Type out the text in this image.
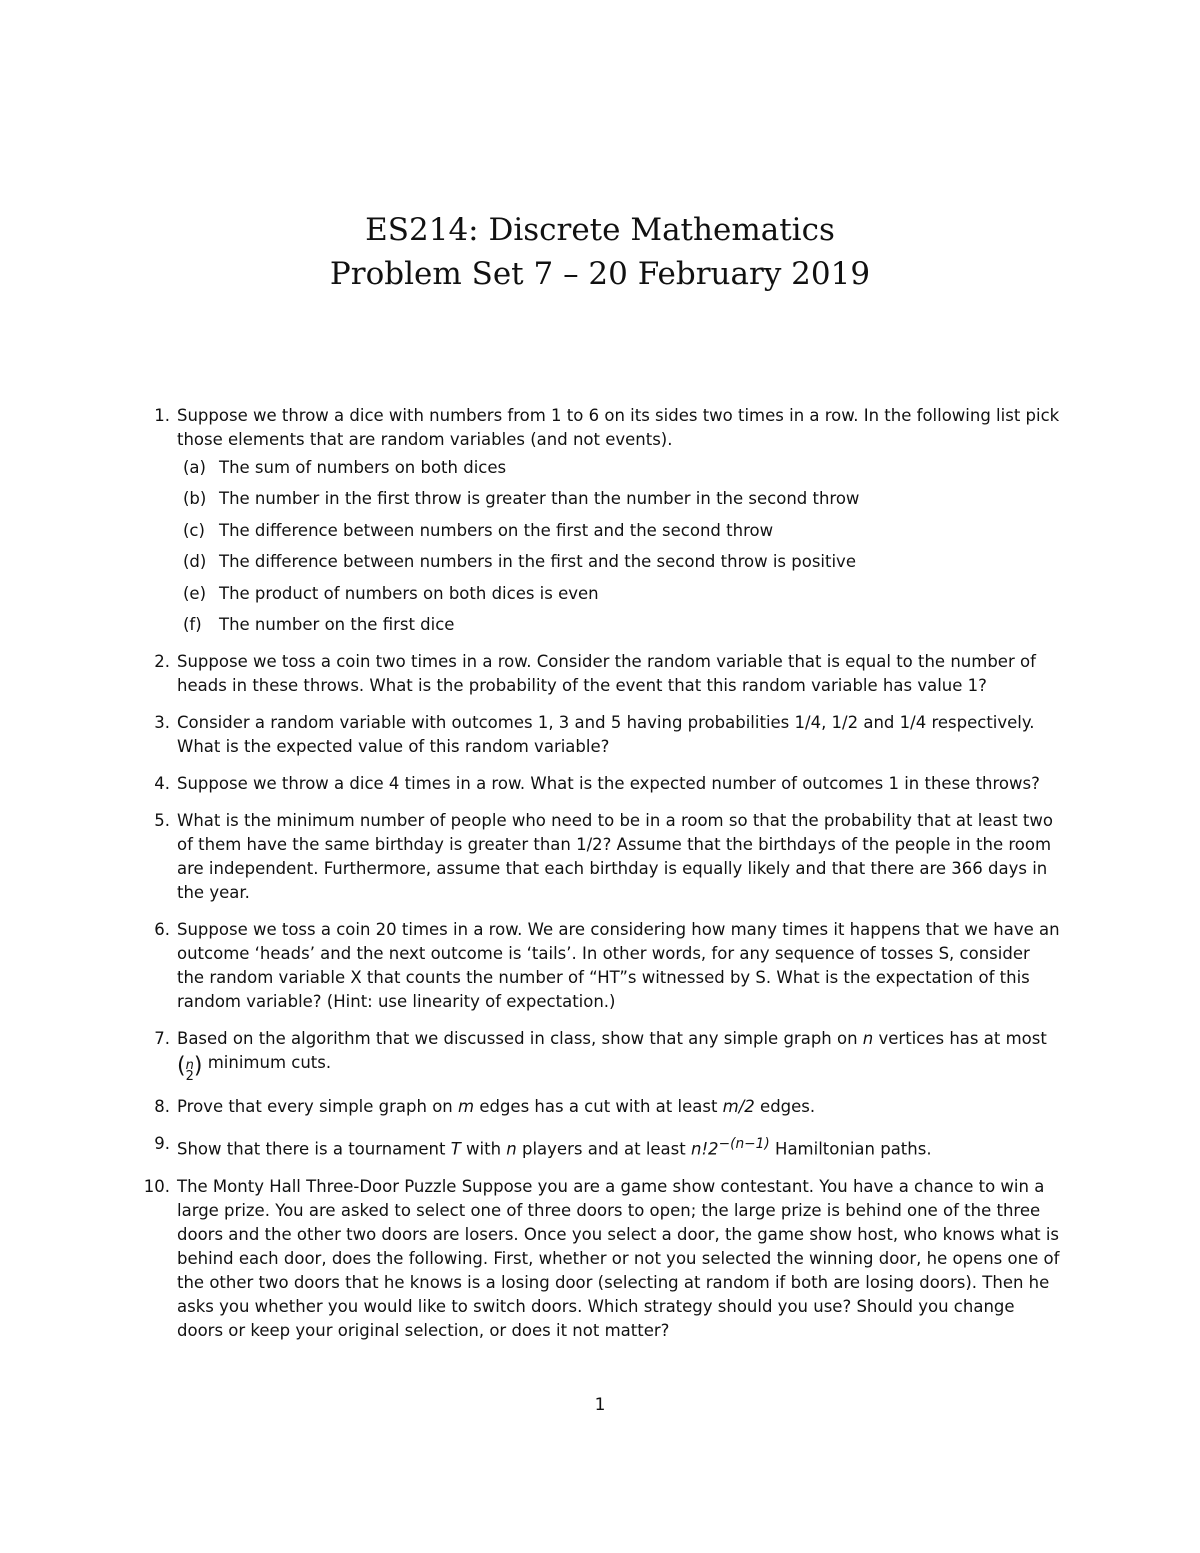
ES214: Discrete Mathematics
Problem Set 7 – 20 February 2019
1. Suppose we throw a dice with numbers from 1 to 6 on its sides two times in a row. In the following list pick those elements that are random variables (and not events).
(a) The sum of numbers on both dices
(b) The number in the first throw is greater than the number in the second throw
(c) The difference between numbers on the first and the second throw
(d) The difference between numbers in the first and the second throw is positive
(e) The product of numbers on both dices is even
(f) The number on the first dice
2. Suppose we toss a coin two times in a row. Consider the random variable that is equal to the number of heads in these throws. What is the probability of the event that this random variable has value 1?
3. Consider a random variable with outcomes 1, 3 and 5 having probabilities 1/4, 1/2 and 1/4 respectively. What is the expected value of this random variable?
4. Suppose we throw a dice 4 times in a row. What is the expected number of outcomes 1 in these throws?
5. What is the minimum number of people who need to be in a room so that the probability that at least two of them have the same birthday is greater than 1/2? Assume that the birthdays of the people in the room are independent. Furthermore, assume that each birthday is equally likely and that there are 366 days in the year.
6. Suppose we toss a coin 20 times in a row. We are considering how many times it happens that we have an outcome ‘heads’ and the next outcome is ‘tails’. In other words, for any sequence of tosses S, consider the random variable X that counts the number of “HT”s witnessed by S. What is the expectation of this random variable? (Hint: use linearity of expectation.)
7. Based on the algorithm that we discussed in class, show that any simple graph on n vertices has at most (n
2) minimum cuts.
8. Prove that every simple graph on m edges has a cut with at least m/2 edges.
9. Show that there is a tournament T with n players and at least $n!2^{-(n-1)}$ Hamiltonian paths.
10. The Monty Hall Three-Door Puzzle Suppose you are a game show contestant. You have a chance to win a large prize. You are asked to select one of three doors to open; the large prize is behind one of the three doors and the other two doors are losers. Once you select a door, the game show host, who knows what is behind each door, does the following. First, whether or not you selected the winning door, he opens one of the other two doors that he knows is a losing door (selecting at random if both are losing doors). Then he asks you whether you would like to switch doors. Which strategy should you use? Should you change doors or keep your original selection, or does it not matter?
1
